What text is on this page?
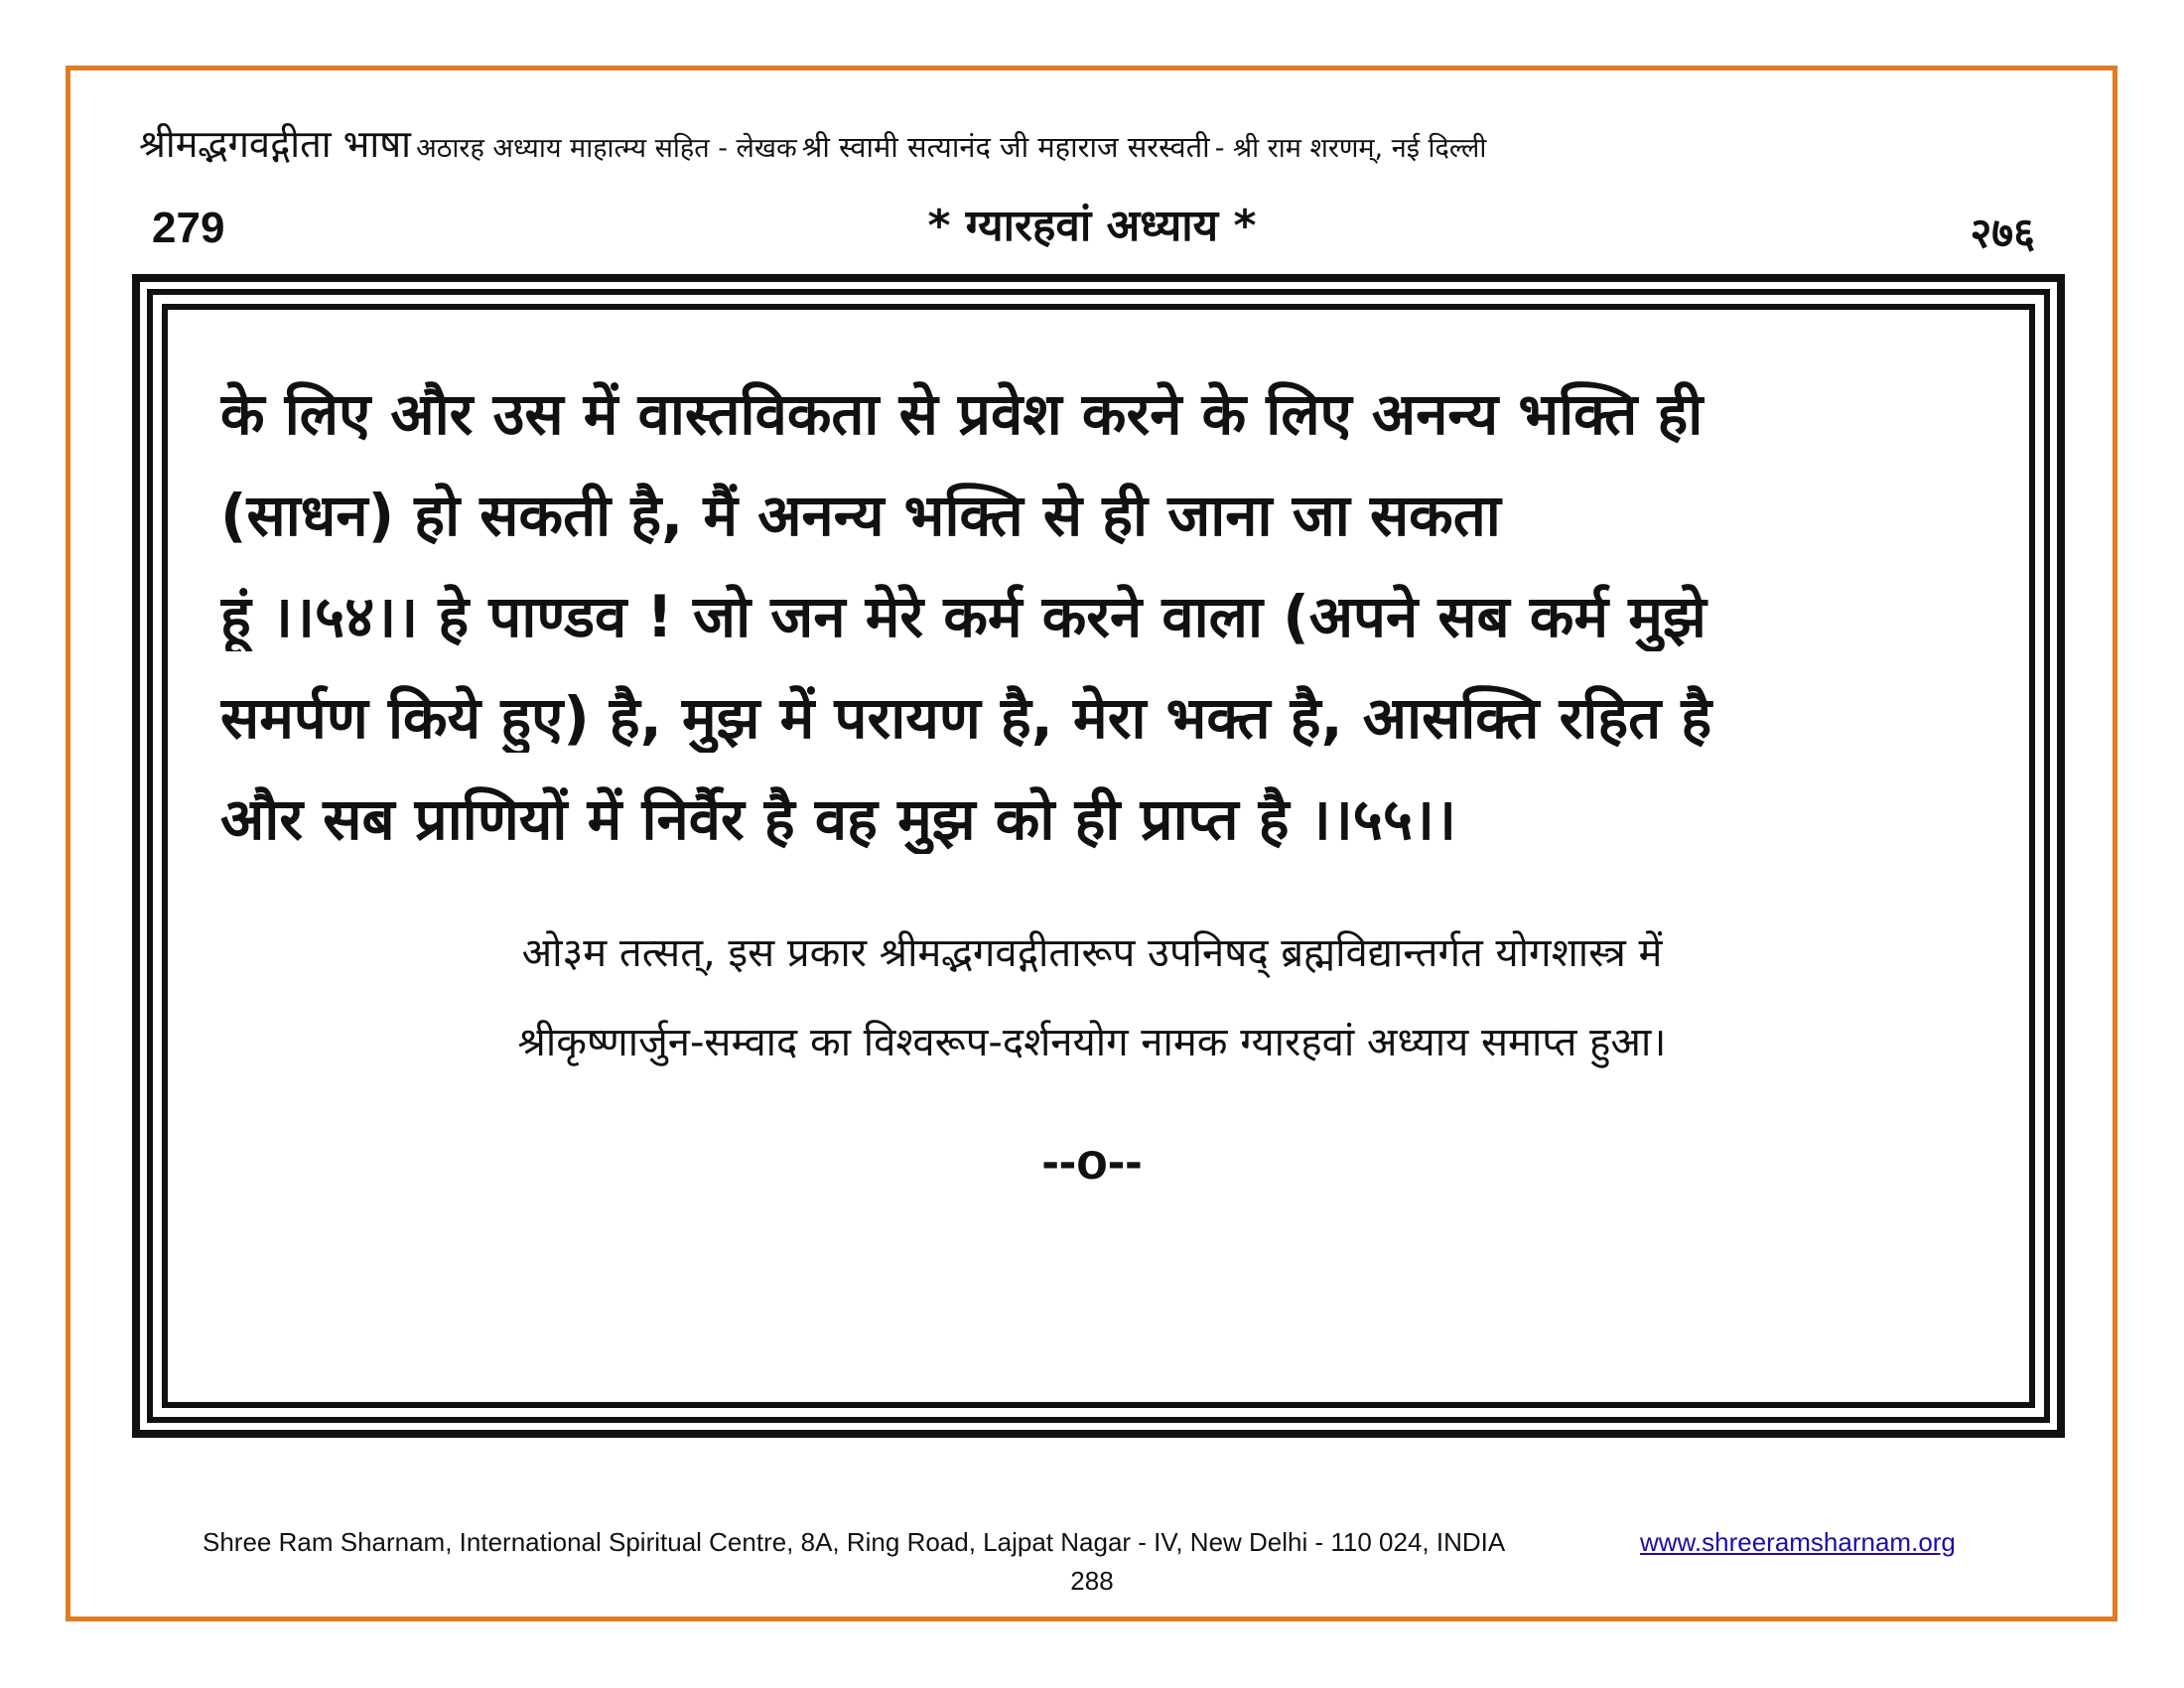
श्रीमद्भगवद्गीता भाषा अठारह अध्याय माहात्म्य सहित - लेखक श्री स्वामी सत्यानंद जी महाराज सरस्वती - श्री राम शरणम्, नई दिल्ली
279	* ग्यारहवां अध्याय *	२७६
के लिए और उस में वास्तविकता से प्रवेश करने के लिए अनन्य भक्ति ही
(साधन) हो सकती है, मैं अनन्य भक्ति से ही जाना जा सकता
हूं ।।५४।। हे पाण्डव ! जो जन मेरे कर्म करने वाला (अपने सब कर्म मुझे
समर्पण किये हुए) है, मुझ में परायण है, मेरा भक्त है, आसक्ति रहित है
और सब प्राणियों में निर्वैर है वह मुझ को ही प्राप्त है ।।५५।।
ओ३म तत्सत्, इस प्रकार श्रीमद्भगवद्गीतारूप उपनिषद् ब्रह्मविद्यान्तर्गत योगशास्त्र में
श्रीकृष्णार्जुन-सम्वाद का विश्वरूप-दर्शनयोग नामक ग्यारहवां अध्याय समाप्त हुआ।
--o--
Shree Ram Sharnam, International Spiritual Centre, 8A, Ring Road, Lajpat Nagar - IV, New Delhi - 110 024, INDIA	www.shreeramsharnam.org
288
